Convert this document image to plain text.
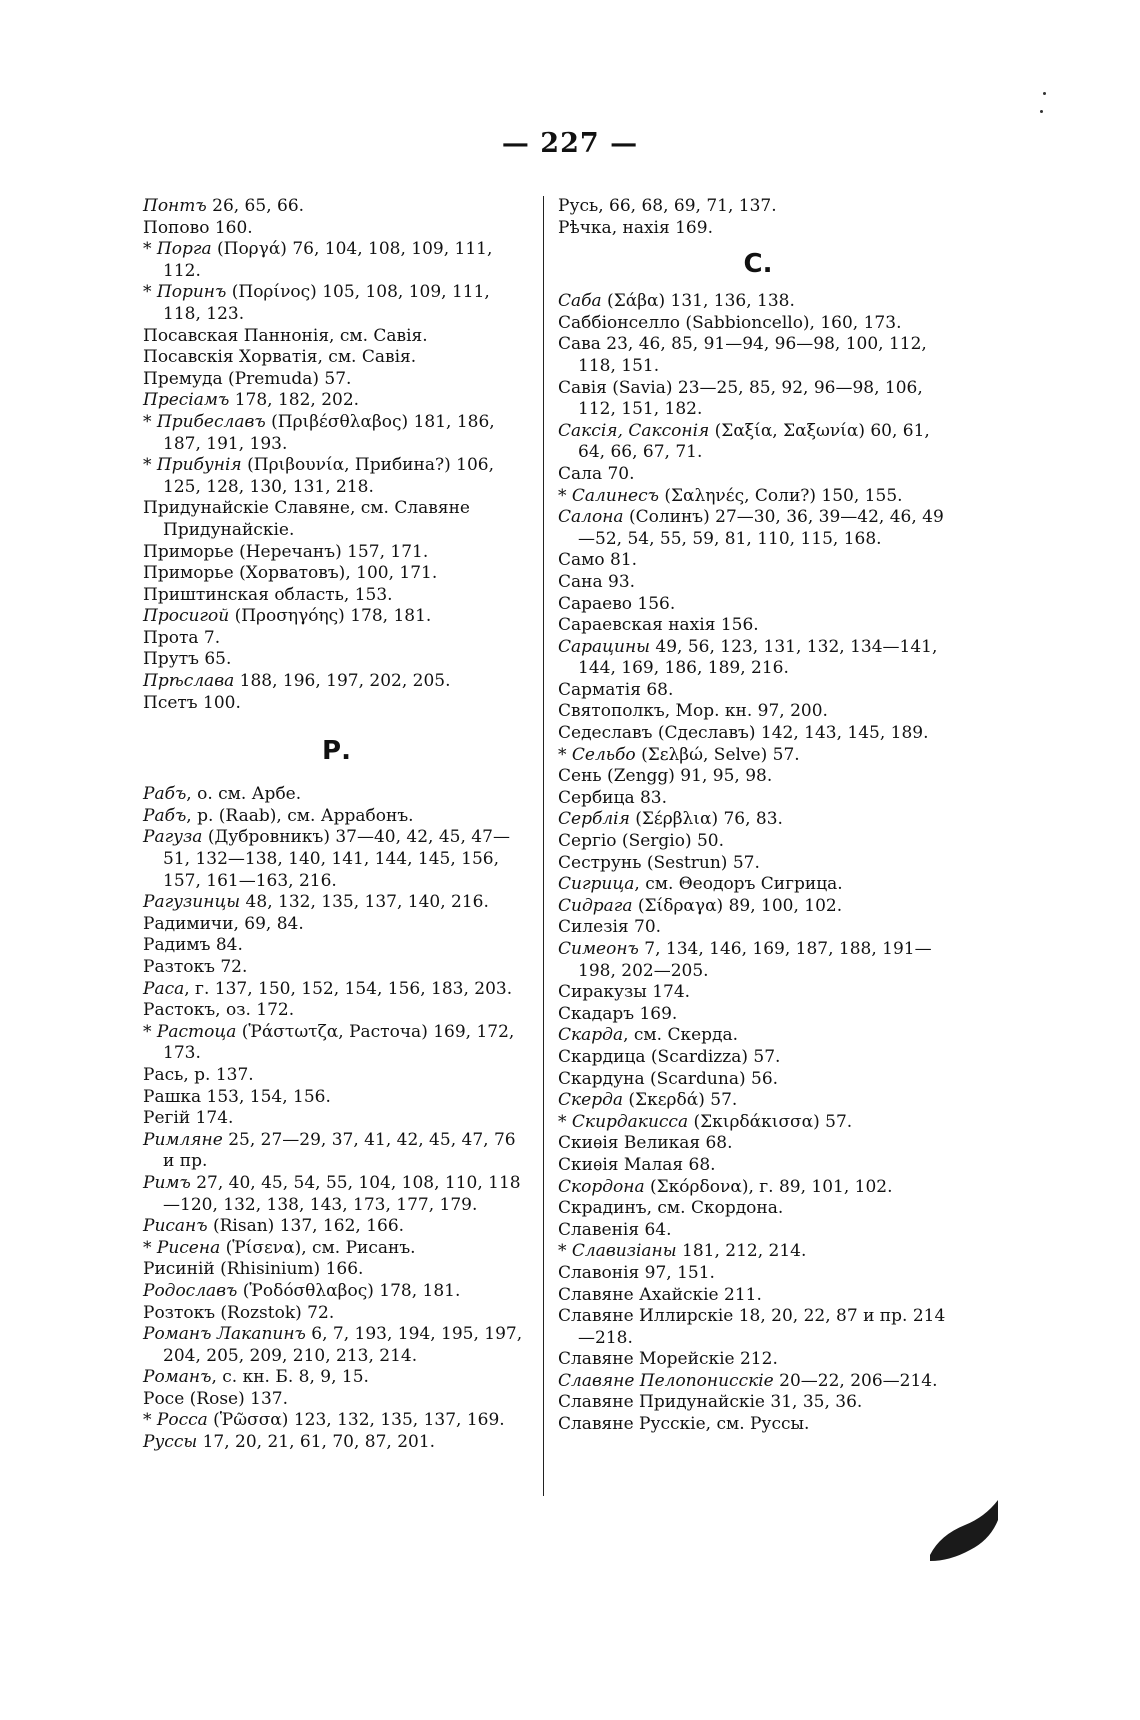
— 227 —

Понтъ 26, 65, 66.

Попово 160.

* Порга (Ποργά) 76, 104, 108, 109, 111, 112.

* Поринъ (Πορίνος) 105, 108, 109, 111, 118, 123.

Посавская Паннонія, см. Савія.

Посавскія Хорватія, см. Савія.

Премуда (Premuda) 57.

Пресіамъ 178, 182, 202.

* Прибеславъ (Πριβέσθλαβος) 181, 186, 187, 191, 193.

* Прибунія (Πριβουνία, Прибина?) 106, 125, 128, 130, 131, 218.

Придунайскіе Славяне, см. Славяне Придунайскіе.

Приморье (Неречанъ) 157, 171.

Приморье (Хорватовъ), 100, 171.

Приштинская область, 153.

Просигой (Προσηγόης) 178, 181.

Прота 7.

Прутъ 65.

Прѣслава 188, 196, 197, 202, 205.

Псетъ 100.

Р.

Рабъ, о. см. Арбе.

Рабъ, р. (Raab), см. Аррабонъ.

Рагуза (Дубровникъ) 37—40, 42, 45, 47—51, 132—138, 140, 141, 144, 145, 156, 157, 161—163, 216.

Рагузинцы 48, 132, 135, 137, 140, 216.

Радимичи, 69, 84.

Радимъ 84.

Разтокъ 72.

Раса, г. 137, 150, 152, 154, 156, 183, 203.

Растокъ, оз. 172.

* Растоца (Ῥάστωτζα, Расточа) 169, 172, 173.

Рась, р. 137.

Рашка 153, 154, 156.

Регій 174.

Римляне 25, 27—29, 37, 41, 42, 45, 47, 76 и пр.

Римъ 27, 40, 45, 54, 55, 104, 108, 110, 118—120, 132, 138, 143, 173, 177, 179.

Рисанъ (Risan) 137, 162, 166.

* Рисена (Ῥίσενα), см. Рисанъ.

Рисиній (Rhisinium) 166.

Родославъ (Ῥοδόσθλαβος) 178, 181.

Розтокъ (Rozstok) 72.

Романъ Лакапинъ 6, 7, 193, 194, 195, 197, 204, 205, 209, 210, 213, 214.

Романъ, с. кн. Б. 8, 9, 15.

Росе (Rose) 137.

* Росса (Ῥῶσσα) 123, 132, 135, 137, 169.

Руссы 17, 20, 21, 61, 70, 87, 201.

Русь, 66, 68, 69, 71, 137.

Рѣчка, нахія 169.

С.

Саба (Σάβα) 131, 136, 138.

Саббіонселло (Sabbioncello), 160, 173.

Сава 23, 46, 85, 91—94, 96—98, 100, 112, 118, 151.

Савія (Savia) 23—25, 85, 92, 96—98, 106, 112, 151, 182.

Саксія, Саксонія (Σαξία, Σαξωνία) 60, 61, 64, 66, 67, 71.

Сала 70.

* Салинесъ (Σαληνές, Соли?) 150, 155.

Салона (Солинъ) 27—30, 36, 39—42, 46, 49—52, 54, 55, 59, 81, 110, 115, 168.

Само 81.

Сана 93.

Сараево 156.

Сараевская нахія 156.

Сарацины 49, 56, 123, 131, 132, 134—141, 144, 169, 186, 189, 216.

Сарматія 68.

Святополкъ, Мор. кн. 97, 200.

Седеславъ (Сдеславъ) 142, 143, 145, 189.

* Сельбо (Σελβώ, Selve) 57.

Сень (Zengg) 91, 95, 98.

Сербица 83.

Серблія (Σέρβλια) 76, 83.

Сергіо (Sergio) 50.

Сеструнь (Sestrun) 57.

Сигрица, см. Θеодоръ Сигрица.

Сидрага (Σίδραγα) 89, 100, 102.

Силезія 70.

Симеонъ 7, 134, 146, 169, 187, 188, 191—198, 202—205.

Сиракузы 174.

Скадаръ 169.

Скарда, см. Скерда.

Скардица (Scardizza) 57.

Скардуна (Scarduna) 56.

Скерда (Σκερδά) 57.

* Скирдакисса (Σκιρδάκισσα) 57.

Скиѳія Великая 68.

Скиѳія Малая 68.

Скордона (Σκόρδονα), г. 89, 101, 102.

Скрадинъ, см. Скордона.

Славенія 64.

* Славизіаны 181, 212, 214.

Славонія 97, 151.

Славяне Ахайскіе 211.

Славяне Иллирскіе 18, 20, 22, 87 и пр. 214—218.

Славяне Морейскіе 212.

Славяне Пелопонисскіе 20—22, 206—214.

Славяне Придунайскіе 31, 35, 36.

Славяне Русскіе, см. Руссы.
